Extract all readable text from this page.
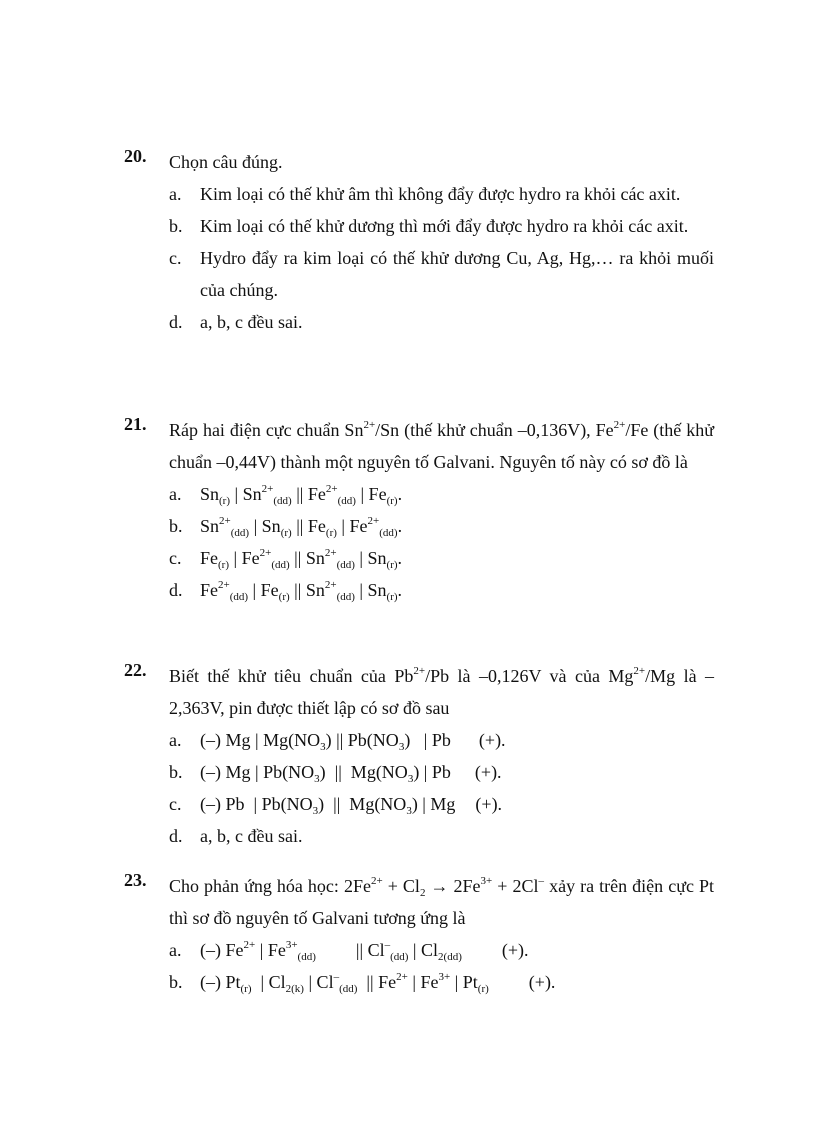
20. Chọn câu đúng.
a. Kim loại có thế khử âm thì không đẩy được hydro ra khỏi các axit.
b. Kim loại có thế khử dương thì mới đẩy được hydro ra khỏi các axit.
c. Hydro đẩy ra kim loại có thế khử dương Cu, Ag, Hg,… ra khỏi muối của chúng.
d. a, b, c đều sai.
21. Ráp hai điện cực chuẩn $Sn^{2+}/Sn$ (thế khử chuẩn –0,136V), $Fe^{2+}/Fe$ (thế khử chuẩn –0,44V) thành một nguyên tố Galvani. Nguyên tố này có sơ đồ là
a. $Sn_{(r)}$ | $Sn^{2+}_{(dd)}$ || $Fe^{2+}_{(dd)}$ | $Fe_{(r)}$.
b. $Sn^{2+}_{(dd)}$ | $Sn_{(r)}$ || $Fe_{(r)}$ | $Fe^{2+}_{(dd)}$.
c. $Fe_{(r)}$ | $Fe^{2+}_{(dd)}$ || $Sn^{2+}_{(dd)}$ | $Sn_{(r)}$.
d. $Fe^{2+}_{(dd)}$ | $Fe_{(r)}$ || $Sn^{2+}_{(dd)}$ | $Sn_{(r)}$.
22. Biết thế khử tiêu chuẩn của $Pb^{2+}/Pb$ là –0,126V và của $Mg^{2+}/Mg$ là –2,363V, pin được thiết lập có sơ đồ sau
a. (–) Mg | $Mg(NO_3)$ || $Pb(NO_3)$   | Pb (+).
b. (–) Mg | $Pb(NO_3)$  ||  $Mg(NO_3)$ | Pb (+).
c. (–) Pb  | $Pb(NO_3)$  ||  $Mg(NO_3)$ | Mg (+).
d. a, b, c đều sai.
23. Cho phản ứng hóa học: $2Fe^{2+} + Cl_2 \to 2Fe^{3+} + 2Cl^-$ xảy ra trên điện cực Pt thì sơ đồ nguyên tố Galvani tương ứng là
a. (–) $Fe^{2+}$ | $Fe^{3+}_{(dd)}$ || $Cl^-_{(dd)}$ | $Cl_{2(dd)}$ (+).
b. (–) $Pt_{(r)}$  | $Cl_{2(k)}$ | $Cl^-_{(dd)}$  || $Fe^{2+}$ | $Fe^{3+}$ | $Pt_{(r)}$ (+).
